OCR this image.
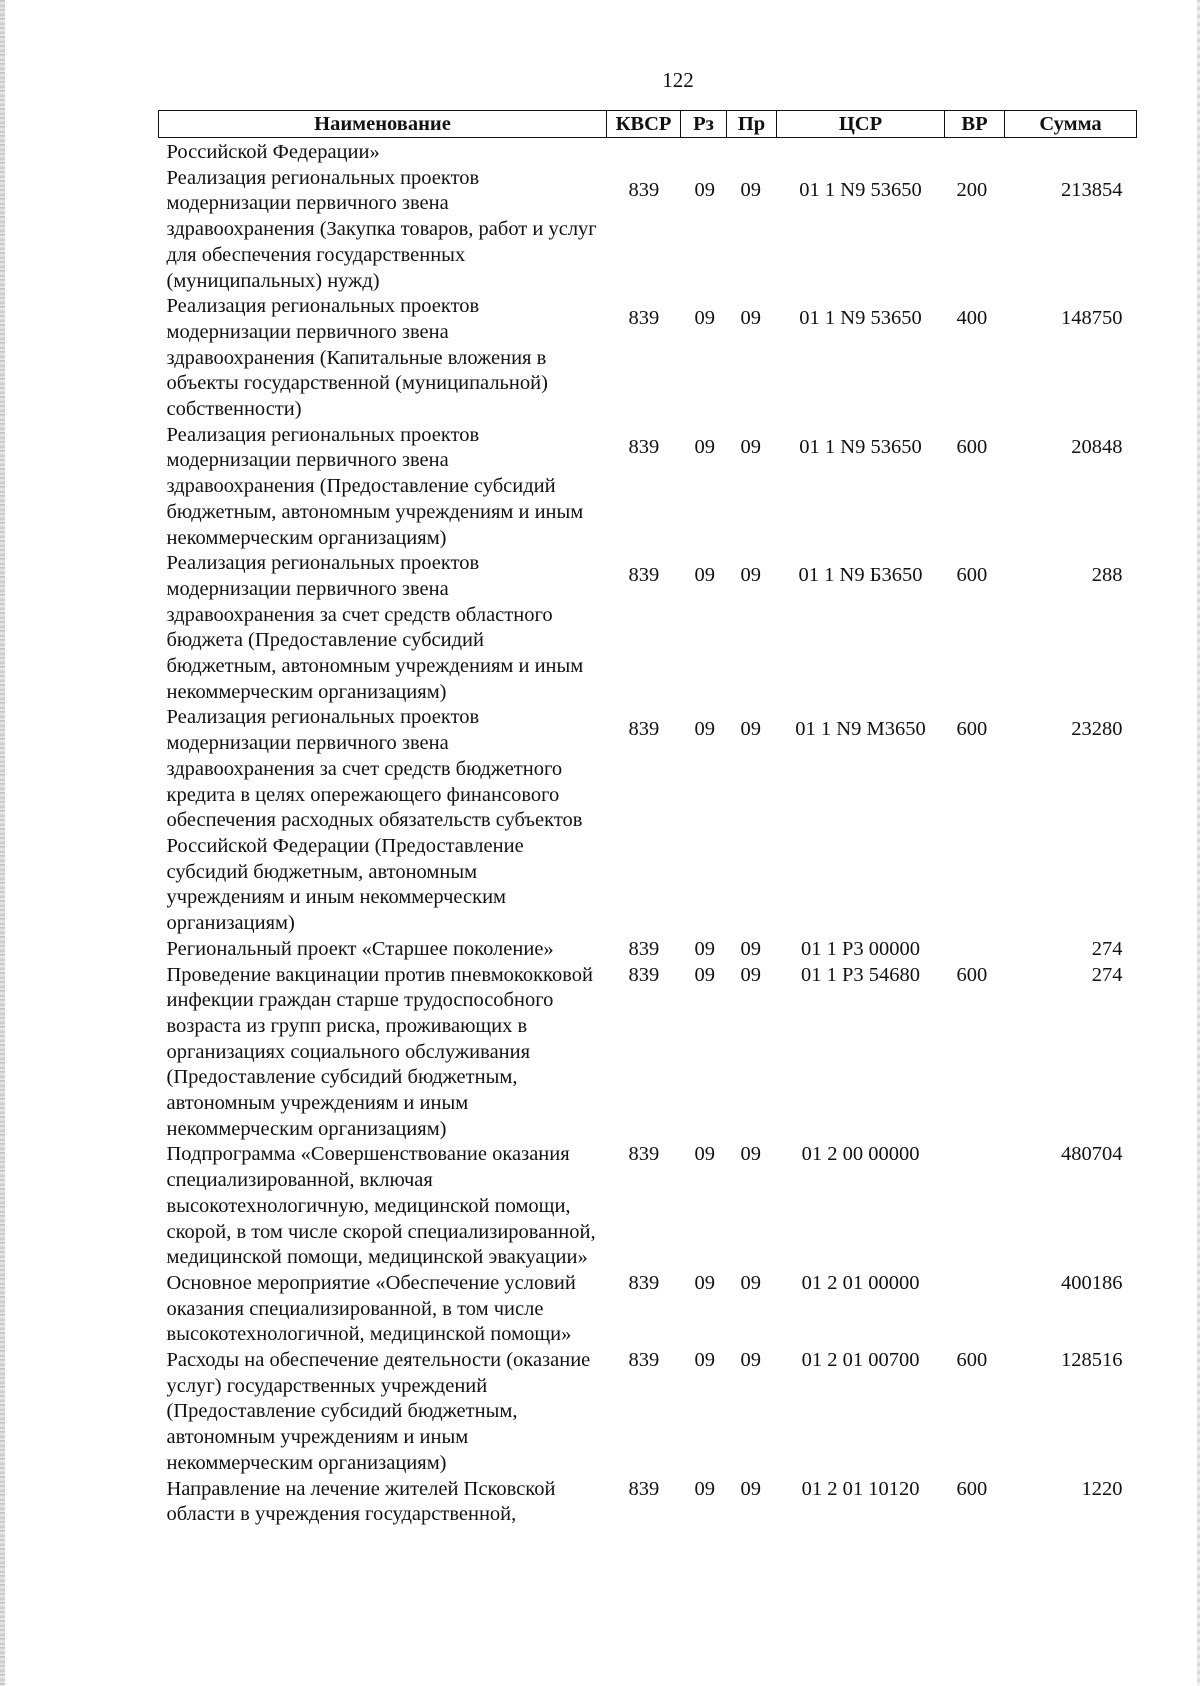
122
Наименование	КВСР	Рз	Пр	ЦСР	ВР	Сумма
Российской Федерации»						
Реализация региональных проектов модернизации первичного звена здравоохранения (Закупка товаров, работ и услуг для обеспечения государственных (муниципальных) нужд)	839	09	09	01 1 N9 53650	200	213854
Реализация региональных проектов модернизации первичного звена здравоохранения (Капитальные вложения в объекты государственной (муниципальной) собственности)	839	09	09	01 1 N9 53650	400	148750
Реализация региональных проектов модернизации первичного звена здравоохранения (Предоставление субсидий бюджетным, автономным учреждениям и иным некоммерческим организациям)	839	09	09	01 1 N9 53650	600	20848
Реализация региональных проектов модернизации первичного звена здравоохранения за счет средств областного бюджета (Предоставление субсидий бюджетным, автономным учреждениям и иным некоммерческим организациям)	839	09	09	01 1 N9 Б3650	600	288
Реализация региональных проектов модернизации первичного звена здравоохранения за счет средств бюджетного кредита в целях опережающего финансового обеспечения расходных обязательств субъектов Российской Федерации (Предоставление субсидий бюджетным, автономным учреждениям и иным некоммерческим организациям)	839	09	09	01 1 N9 M3650	600	23280
Региональный проект «Старшее поколение»	839	09	09	01 1 P3 00000		274
Проведение вакцинации против пневмококковой инфекции граждан старше трудоспособного возраста из групп риска, проживающих в организациях социального обслуживания (Предоставление субсидий бюджетным, автономным учреждениям и иным некоммерческим организациям)	839	09	09	01 1 P3 54680	600	274
Подпрограмма «Совершенствование оказания специализированной, включая высокотехнологичную, медицинской помощи, скорой, в том числе скорой специализированной, медицинской помощи, медицинской эвакуации»	839	09	09	01 2 00 00000		480704
Основное мероприятие «Обеспечение условий оказания специализированной, в том числе высокотехнологичной, медицинской помощи»	839	09	09	01 2 01 00000		400186
Расходы на обеспечение деятельности (оказание услуг) государственных учреждений (Предоставление субсидий бюджетным, автономным учреждениям и иным некоммерческим организациям)	839	09	09	01 2 01 00700	600	128516
Направление на лечение жителей Псковской области в учреждения государственной,	839	09	09	01 2 01 10120	600	1220
